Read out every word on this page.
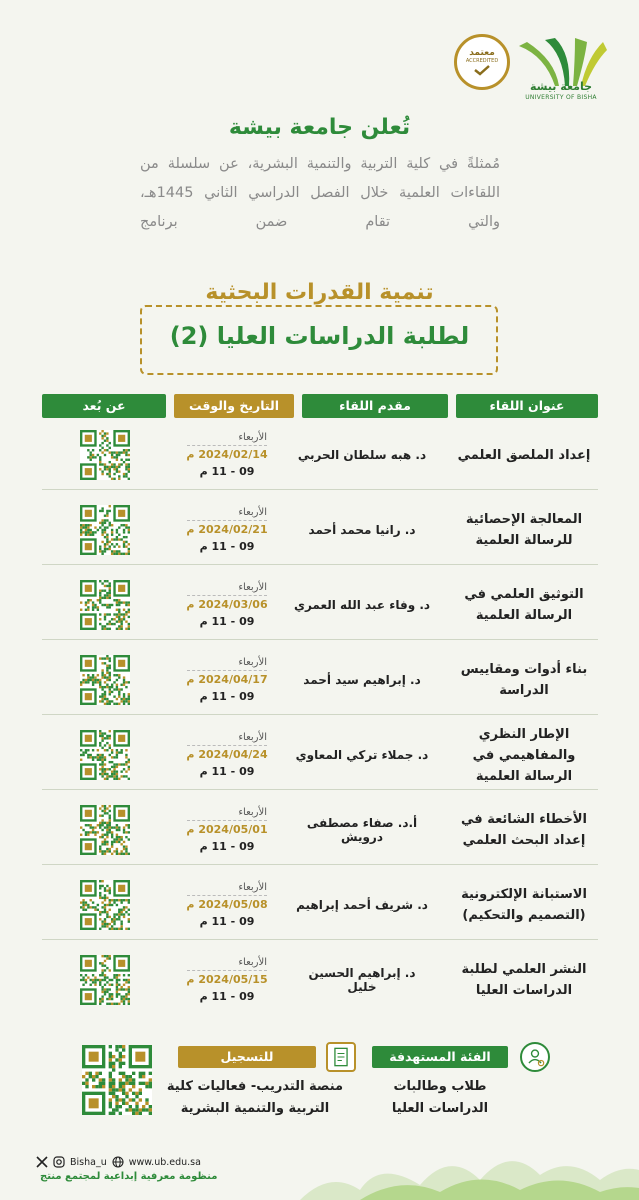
جامعة بيشة
UNIVERSITY OF BISHA
معتمد
ACCREDITED
تُعلن جامعة بيشة
مُمثلةً في كلية التربية والتنمية البشرية، عن سلسلة من اللقاءات العلمية خلال الفصل الدراسي الثاني 1445هـ، والتي تقام ضمن برنامج
تنمية القدرات البحثية
لطلبة الدراسات العليا (2)
عنوان اللقاء
مقدم اللقاء
التاريخ والوقت
عن بُعد
إعداد الملصق العلمي
د. هبه سلطان الحربي
الأربعاء
2024/02/14 م
09 - 11 م
المعالجة الإحصائية للرسالة العلمية
د. رانيا محمد أحمد
الأربعاء
2024/02/21 م
09 - 11 م
التوثيق العلمي في الرسالة العلمية
د. وفاء عبد الله العمري
الأربعاء
2024/03/06 م
09 - 11 م
بناء أدوات ومقاييس الدراسة
د. إبراهيم سيد أحمد
الأربعاء
2024/04/17 م
09 - 11 م
الإطار النظري والمفاهيمي في الرسالة العلمية
د. جملاء تركي المعاوي
الأربعاء
2024/04/24 م
09 - 11 م
الأخطاء الشائعة في إعداد البحث العلمي
أ.د. صفاء مصطفى درويش
الأربعاء
2024/05/01 م
09 - 11 م
الاستبانة الإلكترونية (التصميم والتحكيم)
د. شريف أحمد إبراهيم
الأربعاء
2024/05/08 م
09 - 11 م
النشر العلمي لطلبة الدراسات العليا
د. إبراهيم الحسين خليل
الأربعاء
2024/05/15 م
09 - 11 م
الفئة المستهدفة
طلاب وطالبات الدراسات العليا
للتسجيل
منصة التدريب- فعاليات كلية التربية والتنمية البشرية
Bisha_u www.ub.edu.sa
منظومة معرفية إبداعية لمجتمع منتج
